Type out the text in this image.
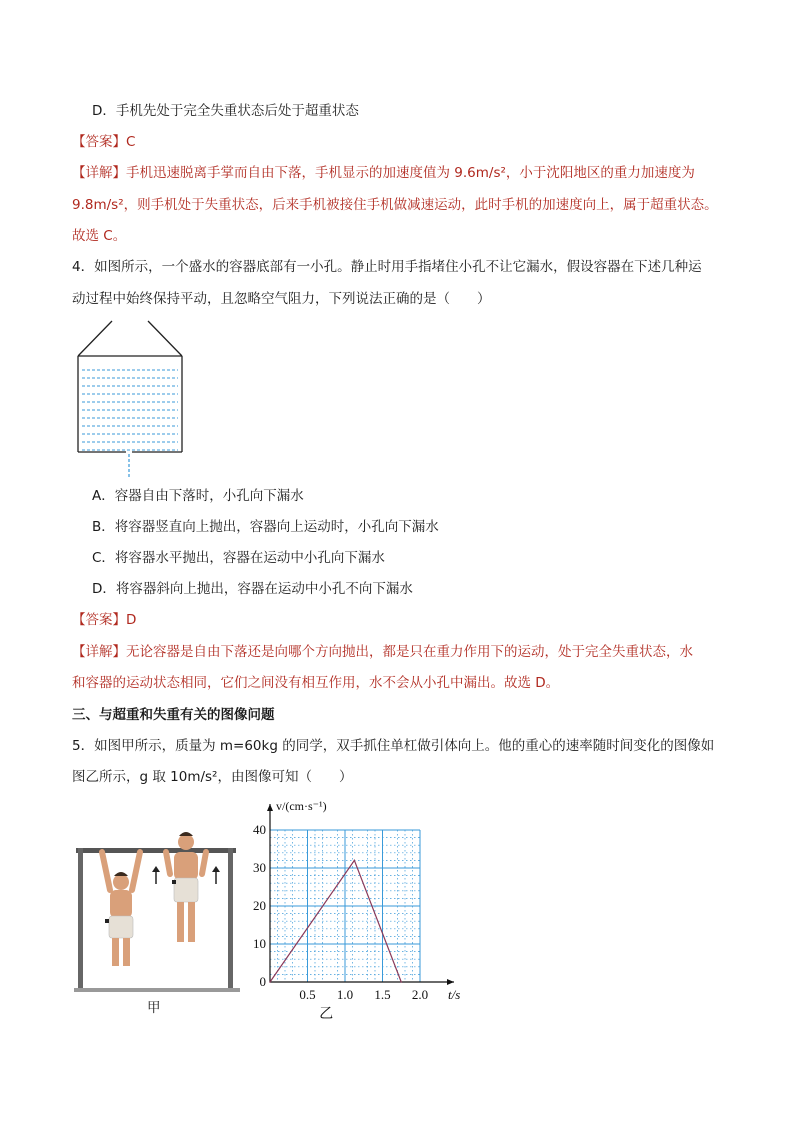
D．手机先处于完全失重状态后处于超重状态
【答案】C
【详解】手机迅速脱离手掌而自由下落，手机显示的加速度值为 9.6m/s²，小于沈阳地区的重力加速度为
9.8m/s²，则手机处于失重状态，后来手机被接住手机做减速运动，此时手机的加速度向上，属于超重状态。
故选 C。
4．如图所示，一个盛水的容器底部有一小孔。静止时用手指堵住小孔不让它漏水，假设容器在下述几种运
动过程中始终保持平动，且忽略空气阻力，下列说法正确的是（　　）
A．容器自由下落时，小孔向下漏水
B．将容器竖直向上抛出，容器向上运动时，小孔向下漏水
C．将容器水平抛出，容器在运动中小孔向下漏水
D．将容器斜向上抛出，容器在运动中小孔不向下漏水
【答案】D
【详解】无论容器是自由下落还是向哪个方向抛出，都是只在重力作用下的运动，处于完全失重状态，水
和容器的运动状态相同，它们之间没有相互作用，水不会从小孔中漏出。故选 D。
三、与超重和失重有关的图像问题
5．如图甲所示，质量为 m=60kg 的同学，双手抓住单杠做引体向上。他的重心的速率随时间变化的图像如
图乙所示，g 取 10m/s²，由图像可知（　　）
甲
10
20
30
40
0.5 1.0 1.5 2.0
0
t/s
v/(cm·s⁻¹)
乙
